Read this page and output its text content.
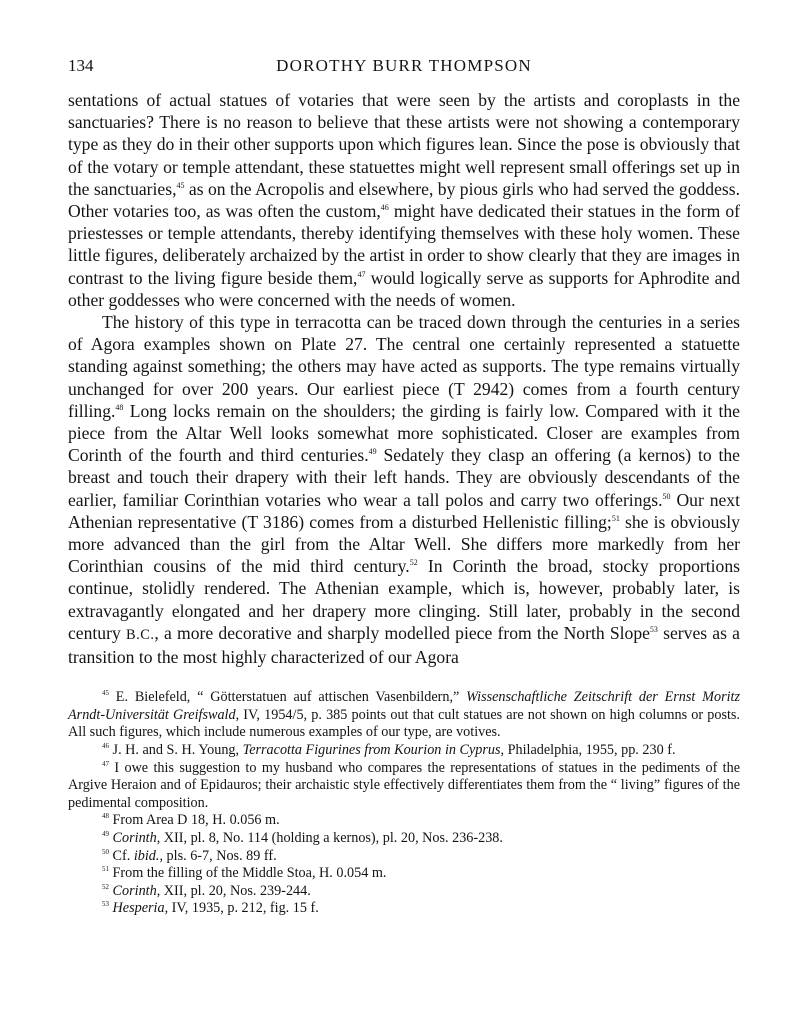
134	DOROTHY BURR THOMPSON

sentations of actual statues of votaries that were seen by the artists and coroplasts in the sanctuaries? There is no reason to believe that these artists were not showing a contemporary type as they do in their other supports upon which figures lean. Since the pose is obviously that of the votary or temple attendant, these statuettes might well represent small offerings set up in the sanctuaries,$^{45}$ as on the Acropolis and elsewhere, by pious girls who had served the goddess. Other votaries too, as was often the custom,$^{46}$ might have dedicated their statues in the form of priestesses or temple attendants, thereby identifying themselves with these holy women. These little figures, deliberately archaized by the artist in order to show clearly that they are images in contrast to the living figure beside them,$^{47}$ would logically serve as supports for Aphrodite and other goddesses who were concerned with the needs of women.

The history of this type in terracotta can be traced down through the centuries in a series of Agora examples shown on Plate 27. The central one certainly represented a statuette standing against something; the others may have acted as supports. The type remains virtually unchanged for over 200 years. Our earliest piece (T 2942) comes from a fourth century filling.$^{48}$ Long locks remain on the shoulders; the girding is fairly low. Compared with it the piece from the Altar Well looks somewhat more sophisticated. Closer are examples from Corinth of the fourth and third centuries.$^{49}$ Sedately they clasp an offering (a kernos) to the breast and touch their drapery with their left hands. They are obviously descendants of the earlier, familiar Corinthian votaries who wear a tall polos and carry two offerings.$^{50}$ Our next Athenian representative (T 3186) comes from a disturbed Hellenistic filling;$^{51}$ she is obviously more advanced than the girl from the Altar Well. She differs more markedly from her Corinthian cousins of the mid third century.$^{52}$ In Corinth the broad, stocky proportions continue, stolidly rendered. The Athenian example, which is, however, probably later, is extravagantly elongated and her drapery more clinging. Still later, probably in the second century B.C., a more decorative and sharply modelled piece from the North Slope$^{53}$ serves as a transition to the most highly characterized of our Agora

$^{45}$ E. Bielefeld, “ Götterstatuen auf attischen Vasenbildern,” Wissenschaftliche Zeitschrift der Ernst Moritz Arndt-Universität Greifswald, IV, 1954/5, p. 385 points out that cult statues are not shown on high columns or posts. All such figures, which include numerous examples of our type, are votives.

$^{46}$ J. H. and S. H. Young, Terracotta Figurines from Kourion in Cyprus, Philadelphia, 1955, pp. 230 f.

$^{47}$ I owe this suggestion to my husband who compares the representations of statues in the pediments of the Argive Heraion and of Epidauros; their archaistic style effectively differentiates them from the “ living” figures of the pedimental composition.

$^{48}$ From Area D 18, H. 0.056 m.

$^{49}$ Corinth, XII, pl. 8, No. 114 (holding a kernos), pl. 20, Nos. 236-238.

$^{50}$ Cf. ibid., pls. 6-7, Nos. 89 ff.

$^{51}$ From the filling of the Middle Stoa, H. 0.054 m.

$^{52}$ Corinth, XII, pl. 20, Nos. 239-244.

$^{53}$ Hesperia, IV, 1935, p. 212, fig. 15 f.
